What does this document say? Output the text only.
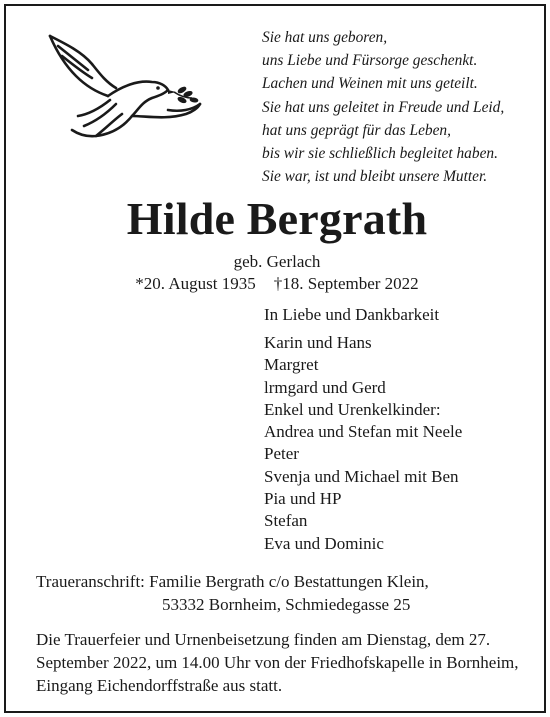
Sie hat uns geboren,
uns Liebe und Fürsorge geschenkt.
Lachen und Weinen mit uns geteilt.
Sie hat uns geleitet in Freude und Leid,
hat uns geprägt für das Leben,
bis wir sie schließlich begleitet haben.
Sie war, ist und bleibt unsere Mutter.
Hilde Bergrath
geb. Gerlach
*20. August 1935 †18. September 2022
In Liebe und Dankbarkeit
Karin und Hans
Margret
lrmgard und Gerd
Enkel und Urenkelkinder:
Andrea und Stefan mit Neele
Peter
Svenja und Michael mit Ben
Pia und HP
Stefan
Eva und Dominic
Traueranschrift: Familie Bergrath c/o Bestattungen Klein,
53332 Bornheim, Schmiedegasse 25
Die Trauerfeier und Urnenbeisetzung finden am Dienstag, dem 27. September 2022, um 14.00 Uhr von der Friedhofskapelle in Bornheim, Eingang Eichendorffstraße aus statt.
